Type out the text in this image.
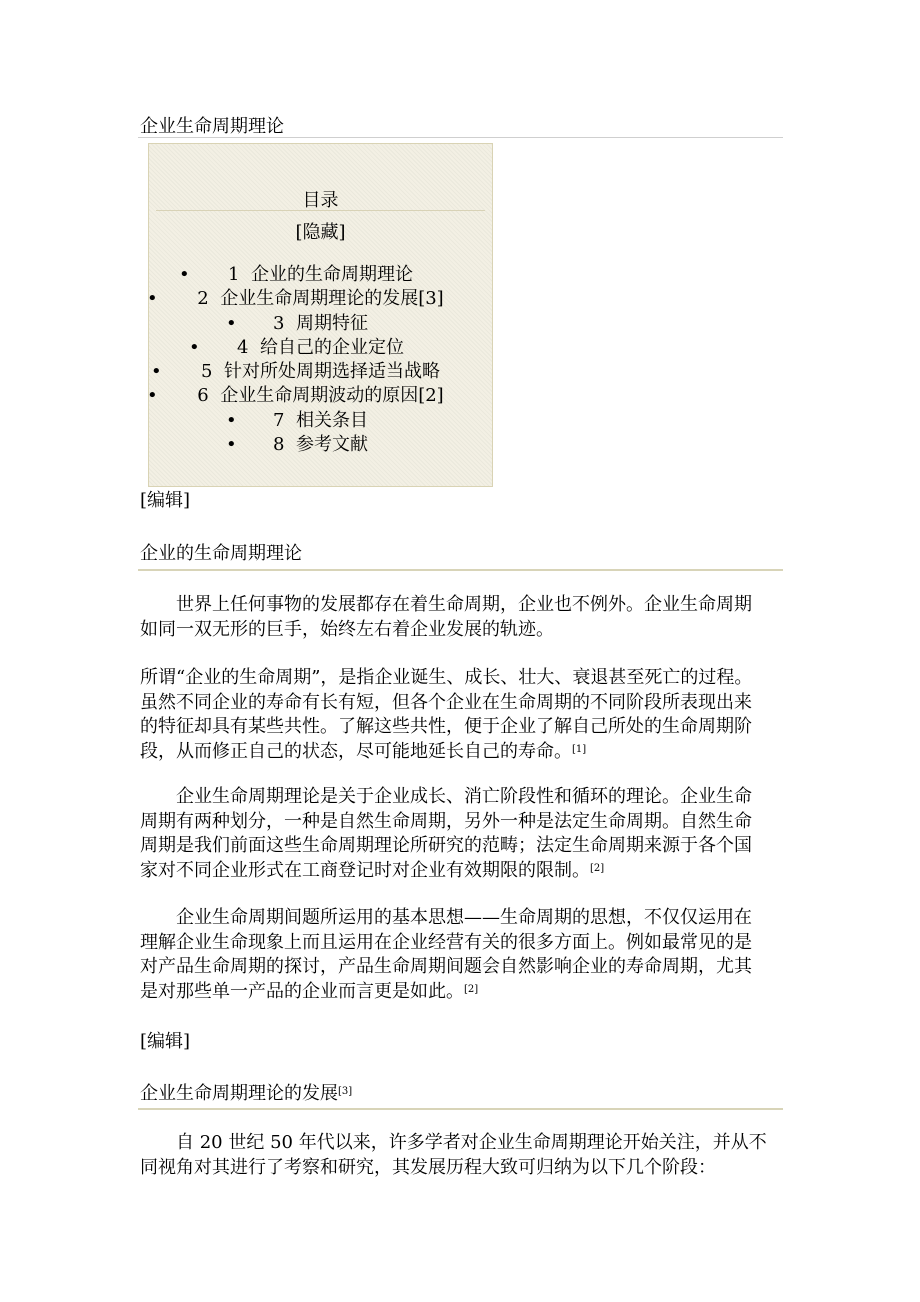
企业生命周期理论
目录
[隐藏]
• 1  企业的生命周期理论
• 2  企业生命周期理论的发展[3]
• 3  周期特征
• 4  给自己的企业定位
• 5  针对所处周期选择适当战略
• 6  企业生命周期波动的原因[2]
• 7  相关条目
• 8  参考文献
[编辑]
企业的生命周期理论
世界上任何事物的发展都存在着生命周期，企业也不例外。企业生命周期
如同一双无形的巨手，始终左右着企业发展的轨迹。
所谓“企业的生命周期”，是指企业诞生、成长、壮大、衰退甚至死亡的过程。
虽然不同企业的寿命有长有短，但各个企业在生命周期的不同阶段所表现出来
的特征却具有某些共性。了解这些共性，便于企业了解自己所处的生命周期阶
段，从而修正自己的状态，尽可能地延长自己的寿命。[1]
企业生命周期理论是关于企业成长、消亡阶段性和循环的理论。企业生命
周期有两种划分，一种是自然生命周期，另外一种是法定生命周期。自然生命
周期是我们前面这些生命周期理论所研究的范畴；法定生命周期来源于各个国
家对不同企业形式在工商登记时对企业有效期限的限制。[2]
企业生命周期间题所运用的基本思想——生命周期的思想，不仅仅运用在
理解企业生命现象上而且运用在企业经营有关的很多方面上。例如最常见的是
对产品生命周期的探讨，产品生命周期间题会自然影响企业的寿命周期，尤其
是对那些单一产品的企业而言更是如此。[2]
[编辑]
企业生命周期理论的发展[3]
自 20 世纪 50 年代以来，许多学者对企业生命周期理论开始关注，并从不
同视角对其进行了考察和研究，其发展历程大致可归纳为以下几个阶段：
